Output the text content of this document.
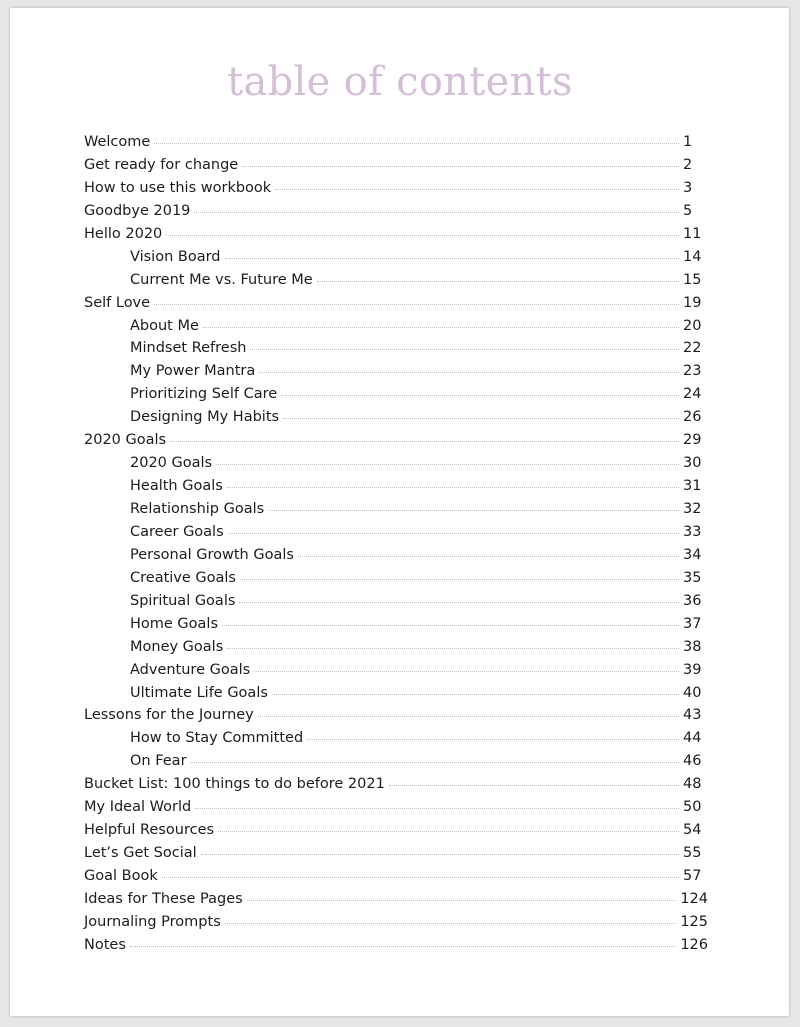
table of contents
Welcome	1
Get ready for change	2
How to use this workbook	3
Goodbye 2019	5
Hello 2020	11
Vision Board	14
Current Me vs. Future Me	15
Self Love	19
About Me	20
Mindset Refresh	22
My Power Mantra	23
Prioritizing Self Care	24
Designing My Habits	26
2020 Goals	29
2020 Goals	30
Health Goals	31
Relationship Goals	32
Career Goals	33
Personal Growth Goals	34
Creative Goals	35
Spiritual Goals	36
Home Goals	37
Money Goals	38
Adventure Goals	39
Ultimate Life Goals	40
Lessons for the Journey	43
How to Stay Committed	44
On Fear	46
Bucket List: 100 things to do before 2021	48
My Ideal World	50
Helpful Resources	54
Let’s Get Social	55
Goal Book	57
Ideas for These Pages	124
Journaling Prompts	125
Notes	126
